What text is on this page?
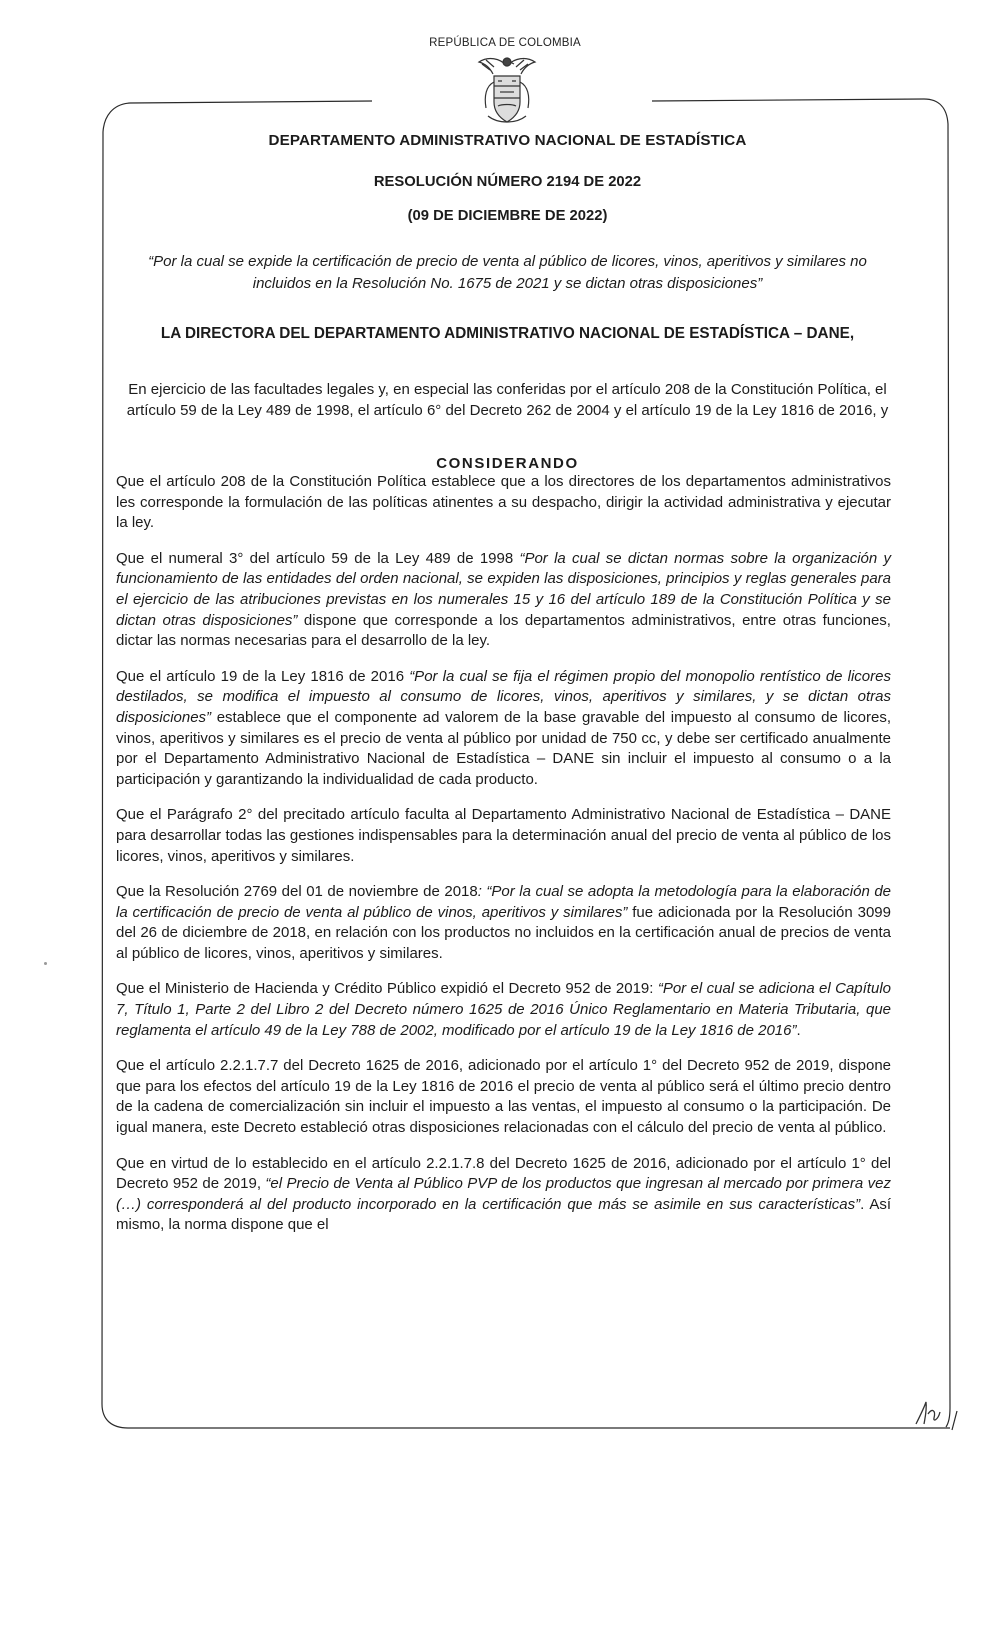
REPÚBLICA DE COLOMBIA

DEPARTAMENTO ADMINISTRATIVO NACIONAL DE ESTADÍSTICA

RESOLUCIÓN NÚMERO 2194 DE 2022

(09 DE DICIEMBRE DE 2022)

“Por la cual se expide la certificación de precio de venta al público de licores, vinos, aperitivos y similares no incluidos en la Resolución No. 1675 de 2021 y se dictan otras disposiciones”

LA DIRECTORA DEL DEPARTAMENTO ADMINISTRATIVO NACIONAL DE ESTADÍSTICA – DANE,

En ejercicio de las facultades legales y, en especial las conferidas por el artículo 208 de la Constitución Política, el artículo 59 de la Ley 489 de 1998, el artículo 6° del Decreto 262 de 2004 y el artículo 19 de la Ley 1816 de 2016, y

CONSIDERANDO

Que el artículo 208 de la Constitución Política establece que a los directores de los departamentos administrativos les corresponde la formulación de las políticas atinentes a su despacho, dirigir la actividad administrativa y ejecutar la ley.

Que el numeral 3° del artículo 59 de la Ley 489 de 1998 “Por la cual se dictan normas sobre la organización y funcionamiento de las entidades del orden nacional, se expiden las disposiciones, principios y reglas generales para el ejercicio de las atribuciones previstas en los numerales 15 y 16 del artículo 189 de la Constitución Política y se dictan otras disposiciones” dispone que corresponde a los departamentos administrativos, entre otras funciones, dictar las normas necesarias para el desarrollo de la ley.

Que el artículo 19 de la Ley 1816 de 2016 “Por la cual se fija el régimen propio del monopolio rentístico de licores destilados, se modifica el impuesto al consumo de licores, vinos, aperitivos y similares, y se dictan otras disposiciones” establece que el componente ad valorem de la base gravable del impuesto al consumo de licores, vinos, aperitivos y similares es el precio de venta al público por unidad de 750 cc, y debe ser certificado anualmente por el Departamento Administrativo Nacional de Estadística – DANE sin incluir el impuesto al consumo o a la participación y garantizando la individualidad de cada producto.

Que el Parágrafo 2° del precitado artículo faculta al Departamento Administrativo Nacional de Estadística – DANE para desarrollar todas las gestiones indispensables para la determinación anual del precio de venta al público de los licores, vinos, aperitivos y similares.

Que la Resolución 2769 del 01 de noviembre de 2018: “Por la cual se adopta la metodología para la elaboración de la certificación de precio de venta al público de vinos, aperitivos y similares” fue adicionada por la Resolución 3099 del 26 de diciembre de 2018, en relación con los productos no incluidos en la certificación anual de precios de venta al público de licores, vinos, aperitivos y similares.

Que el Ministerio de Hacienda y Crédito Público expidió el Decreto 952 de 2019: “Por el cual se adiciona el Capítulo 7, Título 1, Parte 2 del Libro 2 del Decreto número 1625 de 2016 Único Reglamentario en Materia Tributaria, que reglamenta el artículo 49 de la Ley 788 de 2002, modificado por el artículo 19 de la Ley 1816 de 2016”.

Que el artículo 2.2.1.7.7 del Decreto 1625 de 2016, adicionado por el artículo 1° del Decreto 952 de 2019, dispone que para los efectos del artículo 19 de la Ley 1816 de 2016 el precio de venta al público será el último precio dentro de la cadena de comercialización sin incluir el impuesto a las ventas, el impuesto al consumo o la participación. De igual manera, este Decreto estableció otras disposiciones relacionadas con el cálculo del precio de venta al público.

Que en virtud de lo establecido en el artículo 2.2.1.7.8 del Decreto 1625 de 2016, adicionado por el artículo 1° del Decreto 952 de 2019, “el Precio de Venta al Público PVP de los productos que ingresan al mercado por primera vez (…) corresponderá al del producto incorporado en la certificación que más se asimile en sus características”. Así mismo, la norma dispone que el
